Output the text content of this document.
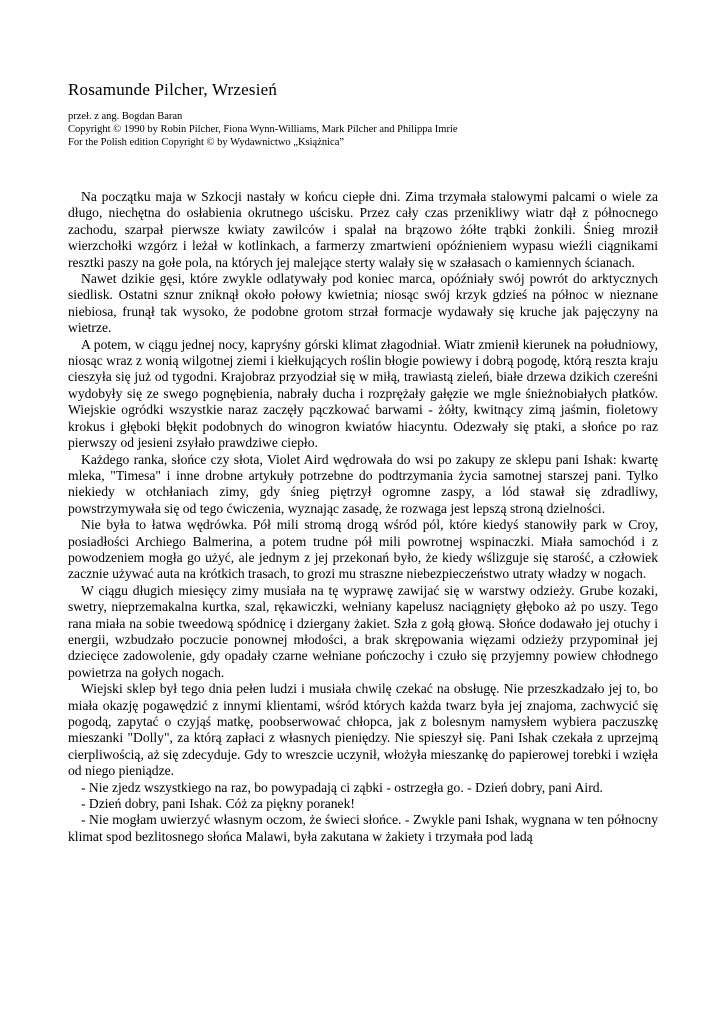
Rosamunde Pilcher, Wrzesień

przeł. z ang. Bogdan Baran

Copyright © 1990 by Robin Pilcher, Fiona Wynn-Williams, Mark Pilcher and Philippa Imrie

For the Polish edition Copyright © by Wydawnictwo „Książnica”

Na początku maja w Szkocji nastały w końcu ciepłe dni. Zima trzymała stalowymi palcami o wiele za długo, niechętna do osłabienia okrutnego uścisku. Przez cały czas przenikliwy wiatr dął z północnego zachodu, szarpał pierwsze kwiaty zawilców i spalał na brązowo żółte trąbki żonkili. Śnieg mroził wierzchołki wzgórz i leżał w kotlinkach, a farmerzy zmartwieni opóźnieniem wypasu wieźli ciągnikami resztki paszy na gołe pola, na których jej malejące sterty walały się w szałasach o kamiennych ścianach.

Nawet dzikie gęsi, które zwykle odlatywały pod koniec marca, opóźniały swój powrót do arktycznych siedlisk. Ostatni sznur zniknął około połowy kwietnia; niosąc swój krzyk gdzieś na północ w nieznane niebiosa, frunął tak wysoko, że podobne grotom strzał formacje wydawały się kruche jak pajęczyny na wietrze.

A potem, w ciągu jednej nocy, kapryśny górski klimat złagodniał. Wiatr zmienił kierunek na południowy, niosąc wraz z wonią wilgotnej ziemi i kiełkujących roślin błogie powiewy i dobrą pogodę, którą reszta kraju cieszyła się już od tygodni. Krajobraz przyodział się w miłą, trawiastą zieleń, białe drzewa dzikich czereśni wydobyły się ze swego pognębienia, nabrały ducha i rozprężały gałęzie we mgle śnieżnobiałych płatków. Wiejskie ogródki wszystkie naraz zaczęły pączkować barwami - żółty, kwitnący zimą jaśmin, fioletowy krokus i głęboki błękit podobnych do winogron kwiatów hiacyntu. Odezwały się ptaki, a słońce po raz pierwszy od jesieni zsyłało prawdziwe ciepło.

Każdego ranka, słońce czy słota, Violet Aird wędrowała do wsi po zakupy ze sklepu pani Ishak: kwartę mleka, "Timesa" i inne drobne artykuły potrzebne do podtrzymania życia samotnej starszej pani. Tylko niekiedy w otchłaniach zimy, gdy śnieg piętrzył ogromne zaspy, a lód stawał się zdradliwy, powstrzymywała się od tego ćwiczenia, wyznając zasadę, że rozwaga jest lepszą stroną dzielności.

Nie była to łatwa wędrówka. Pół mili stromą drogą wśród pól, które kiedyś stanowiły park w Croy, posiadłości Archiego Balmerina, a potem trudne pół mili powrotnej wspinaczki. Miała samochód i z powodzeniem mogła go użyć, ale jednym z jej przekonań było, że kiedy wślizguje się starość, a człowiek zacznie używać auta na krótkich trasach, to grozi mu straszne niebezpieczeństwo utraty władzy w nogach.

W ciągu długich miesięcy zimy musiała na tę wyprawę zawijać się w warstwy odzieży. Grube kozaki, swetry, nieprzemakalna kurtka, szal, rękawiczki, wełniany kapelusz naciągnięty głęboko aż po uszy. Tego rana miała na sobie tweedową spódnicę i dziergany żakiet. Szła z gołą głową. Słońce dodawało jej otuchy i energii, wzbudzało poczucie ponownej młodości, a brak skrępowania więzami odzieży przypominał jej dziecięce zadowolenie, gdy opadały czarne wełniane pończochy i czuło się przyjemny powiew chłodnego powietrza na gołych nogach.

Wiejski sklep był tego dnia pełen ludzi i musiała chwilę czekać na obsługę. Nie przeszkadzało jej to, bo miała okazję pogawędzić z innymi klientami, wśród których każda twarz była jej znajoma, zachwycić się pogodą, zapytać o czyjąś matkę, poobserwować chłopca, jak z bolesnym namysłem wybiera paczuszkę mieszanki "Dolly", za którą zapłaci z własnych pieniędzy. Nie spieszył się. Pani Ishak czekała z uprzejmą cierpliwością, aż się zdecyduje. Gdy to wreszcie uczynił, włożyła mieszankę do papierowej torebki i wzięła od niego pieniądze.

- Nie zjedz wszystkiego na raz, bo powypadają ci ząbki - ostrzegła go. - Dzień dobry, pani Aird.

- Dzień dobry, pani Ishak. Cóż za piękny poranek!

- Nie mogłam uwierzyć własnym oczom, że świeci słońce. - Zwykle pani Ishak, wygnana w ten północny klimat spod bezlitosnego słońca Malawi, była zakutana w żakiety i trzymała pod ladą
